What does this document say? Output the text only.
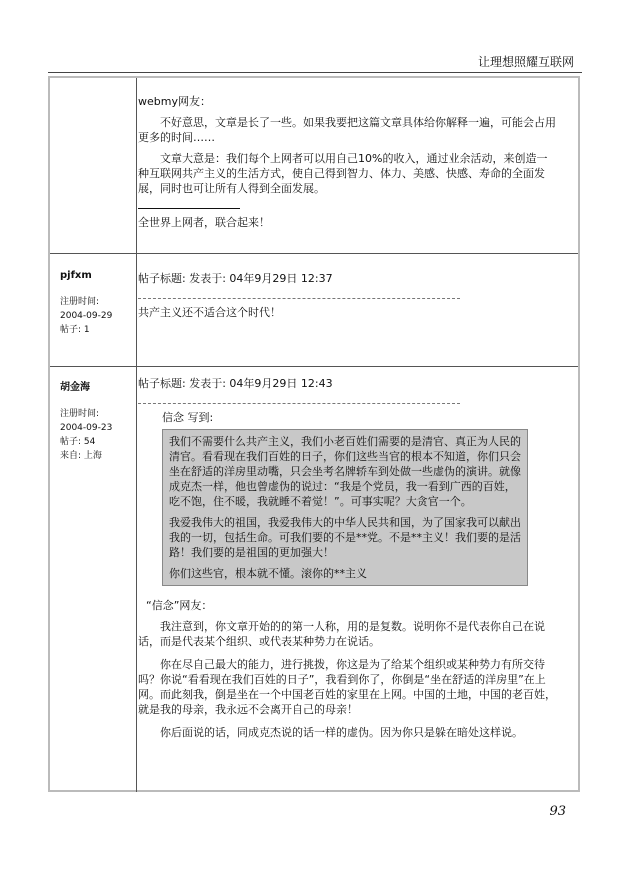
让理想照耀互联网

webmy网友：

不好意思，文章是长了一些。如果我要把这篇文章具体给你解释一遍，可能会占用更多的时间……

文章大意是：我们每个上网者可以用自己10%的收入，通过业余活动，来创造一种互联网共产主义的生活方式，使自己得到智力、体力、美感、快感、寿命的全面发展，同时也可让所有人得到全面发展。

全世界上网者，联合起来！

pjfxm
注册时间:
2004-09-29
帖子: 1

帖子标题: 发表于: 04年9月29日 12:37

共产主义还不适合这个时代！

胡金海
注册时间:
2004-09-23
帖子: 54
来自: 上海

帖子标题: 发表于: 04年9月29日 12:43

信念 写到:

我们不需要什么共产主义，我们小老百姓们需要的是清官、真正为人民的清官。看看现在我们百姓的日子，你们这些当官的根本不知道，你们只会坐在舒适的洋房里动嘴，只会坐考名牌轿车到处做一些虚伪的演讲。就像成克杰一样，他也曾虚伪的说过：“我是个党员，我一看到广西的百姓，吃不饱，住不暖，我就睡不着觉！”。可事实呢？大贪官一个。

我爱我伟大的祖国，我爱我伟大的中华人民共和国，为了国家我可以献出我的一切，包括生命。可我们要的不是**党。不是**主义！我们要的是活路！我们要的是祖国的更加强大！

你们这些官，根本就不懂。滚你的**主义

“信念”网友：

我注意到，你文章开始的的第一人称，用的是复数。说明你不是代表你自己在说话，而是代表某个组织、或代表某种势力在说话。

你在尽自己最大的能力，进行挑拨，你这是为了给某个组织或某种势力有所交待吗？你说“看看现在我们百姓的日子”，我看到你了，你倒是“坐在舒适的洋房里”在上网。而此刻我，倒是坐在一个中国老百姓的家里在上网。中国的土地，中国的老百姓，就是我的母亲，我永远不会离开自己的母亲！

你后面说的话，同成克杰说的话一样的虚伪。因为你只是躲在暗处这样说。

93
